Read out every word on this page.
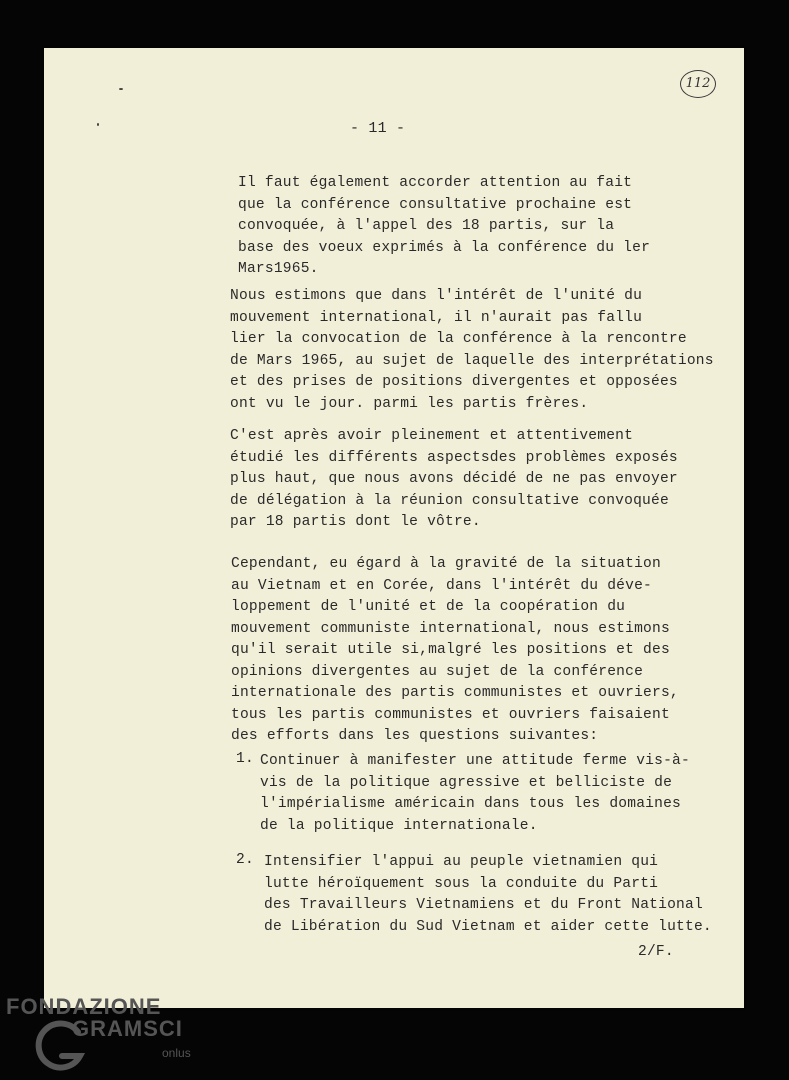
112

- 11 -

Il faut également accorder attention au fait
que la conférence consultative prochaine est
convoquée, à l'appel des 18 partis, sur la
base des voeux exprimés à la conférence du ler
Mars1965.
Nous estimons que dans l'intérêt de l'unité du
mouvement international, il n'aurait pas fallu
lier la convocation de la conférence à la rencontre
de Mars 1965, au sujet de laquelle des interprétations
et des prises de positions divergentes et opposées
ont vu le jour. parmi les partis frères.
C'est après avoir pleinement et attentivement
étudié les différents aspectsdes problèmes exposés
plus haut, que nous avons décidé de ne pas envoyer
de délégation à la réunion consultative convoquée
par 18 partis dont le vôtre.
Cependant, eu égard à la gravité de la situation
au Vietnam et en Corée, dans l'intérêt du déve-
loppement de l'unité et de la coopération du
mouvement communiste international, nous estimons
qu'il serait utile si,malgré les positions et des
opinions divergentes au sujet de la conférence
internationale des partis communistes et ouvriers,
tous les partis communistes et ouvriers faisaient
des efforts dans les questions suivantes:

1. Continuer à manifester une attitude ferme vis-à-
vis de la politique agressive et belliciste de
l'impérialisme américain dans tous les domaines
de la politique internationale.

2. Intensifier l'appui au peuple vietnamien qui
lutte héroïquement sous la conduite du Parti
des Travailleurs Vietnamiens et du Front National
de Libération du Sud Vietnam et aider cette lutte.

2/F.

FONDAZIONE
GRAMSCI
onlus
